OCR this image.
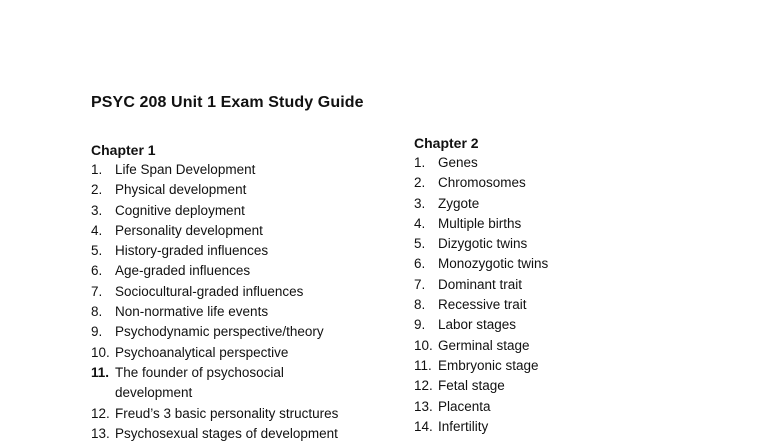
PSYC 208 Unit 1 Exam Study Guide
Chapter 1
1. Life Span Development
2. Physical development
3. Cognitive deployment
4. Personality development
5. History-graded influences
6. Age-graded influences
7. Sociocultural-graded influences
8. Non-normative life events
9. Psychodynamic perspective/theory
10. Psychoanalytical perspective
11. The founder of psychosocial development
12. Freud’s 3 basic personality structures
13. Psychosexual stages of development
Chapter 2
1. Genes
2. Chromosomes
3. Zygote
4. Multiple births
5. Dizygotic twins
6. Monozygotic twins
7. Dominant trait
8. Recessive trait
9. Labor stages
10. Germinal stage
11. Embryonic stage
12. Fetal stage
13. Placenta
14. Infertility
